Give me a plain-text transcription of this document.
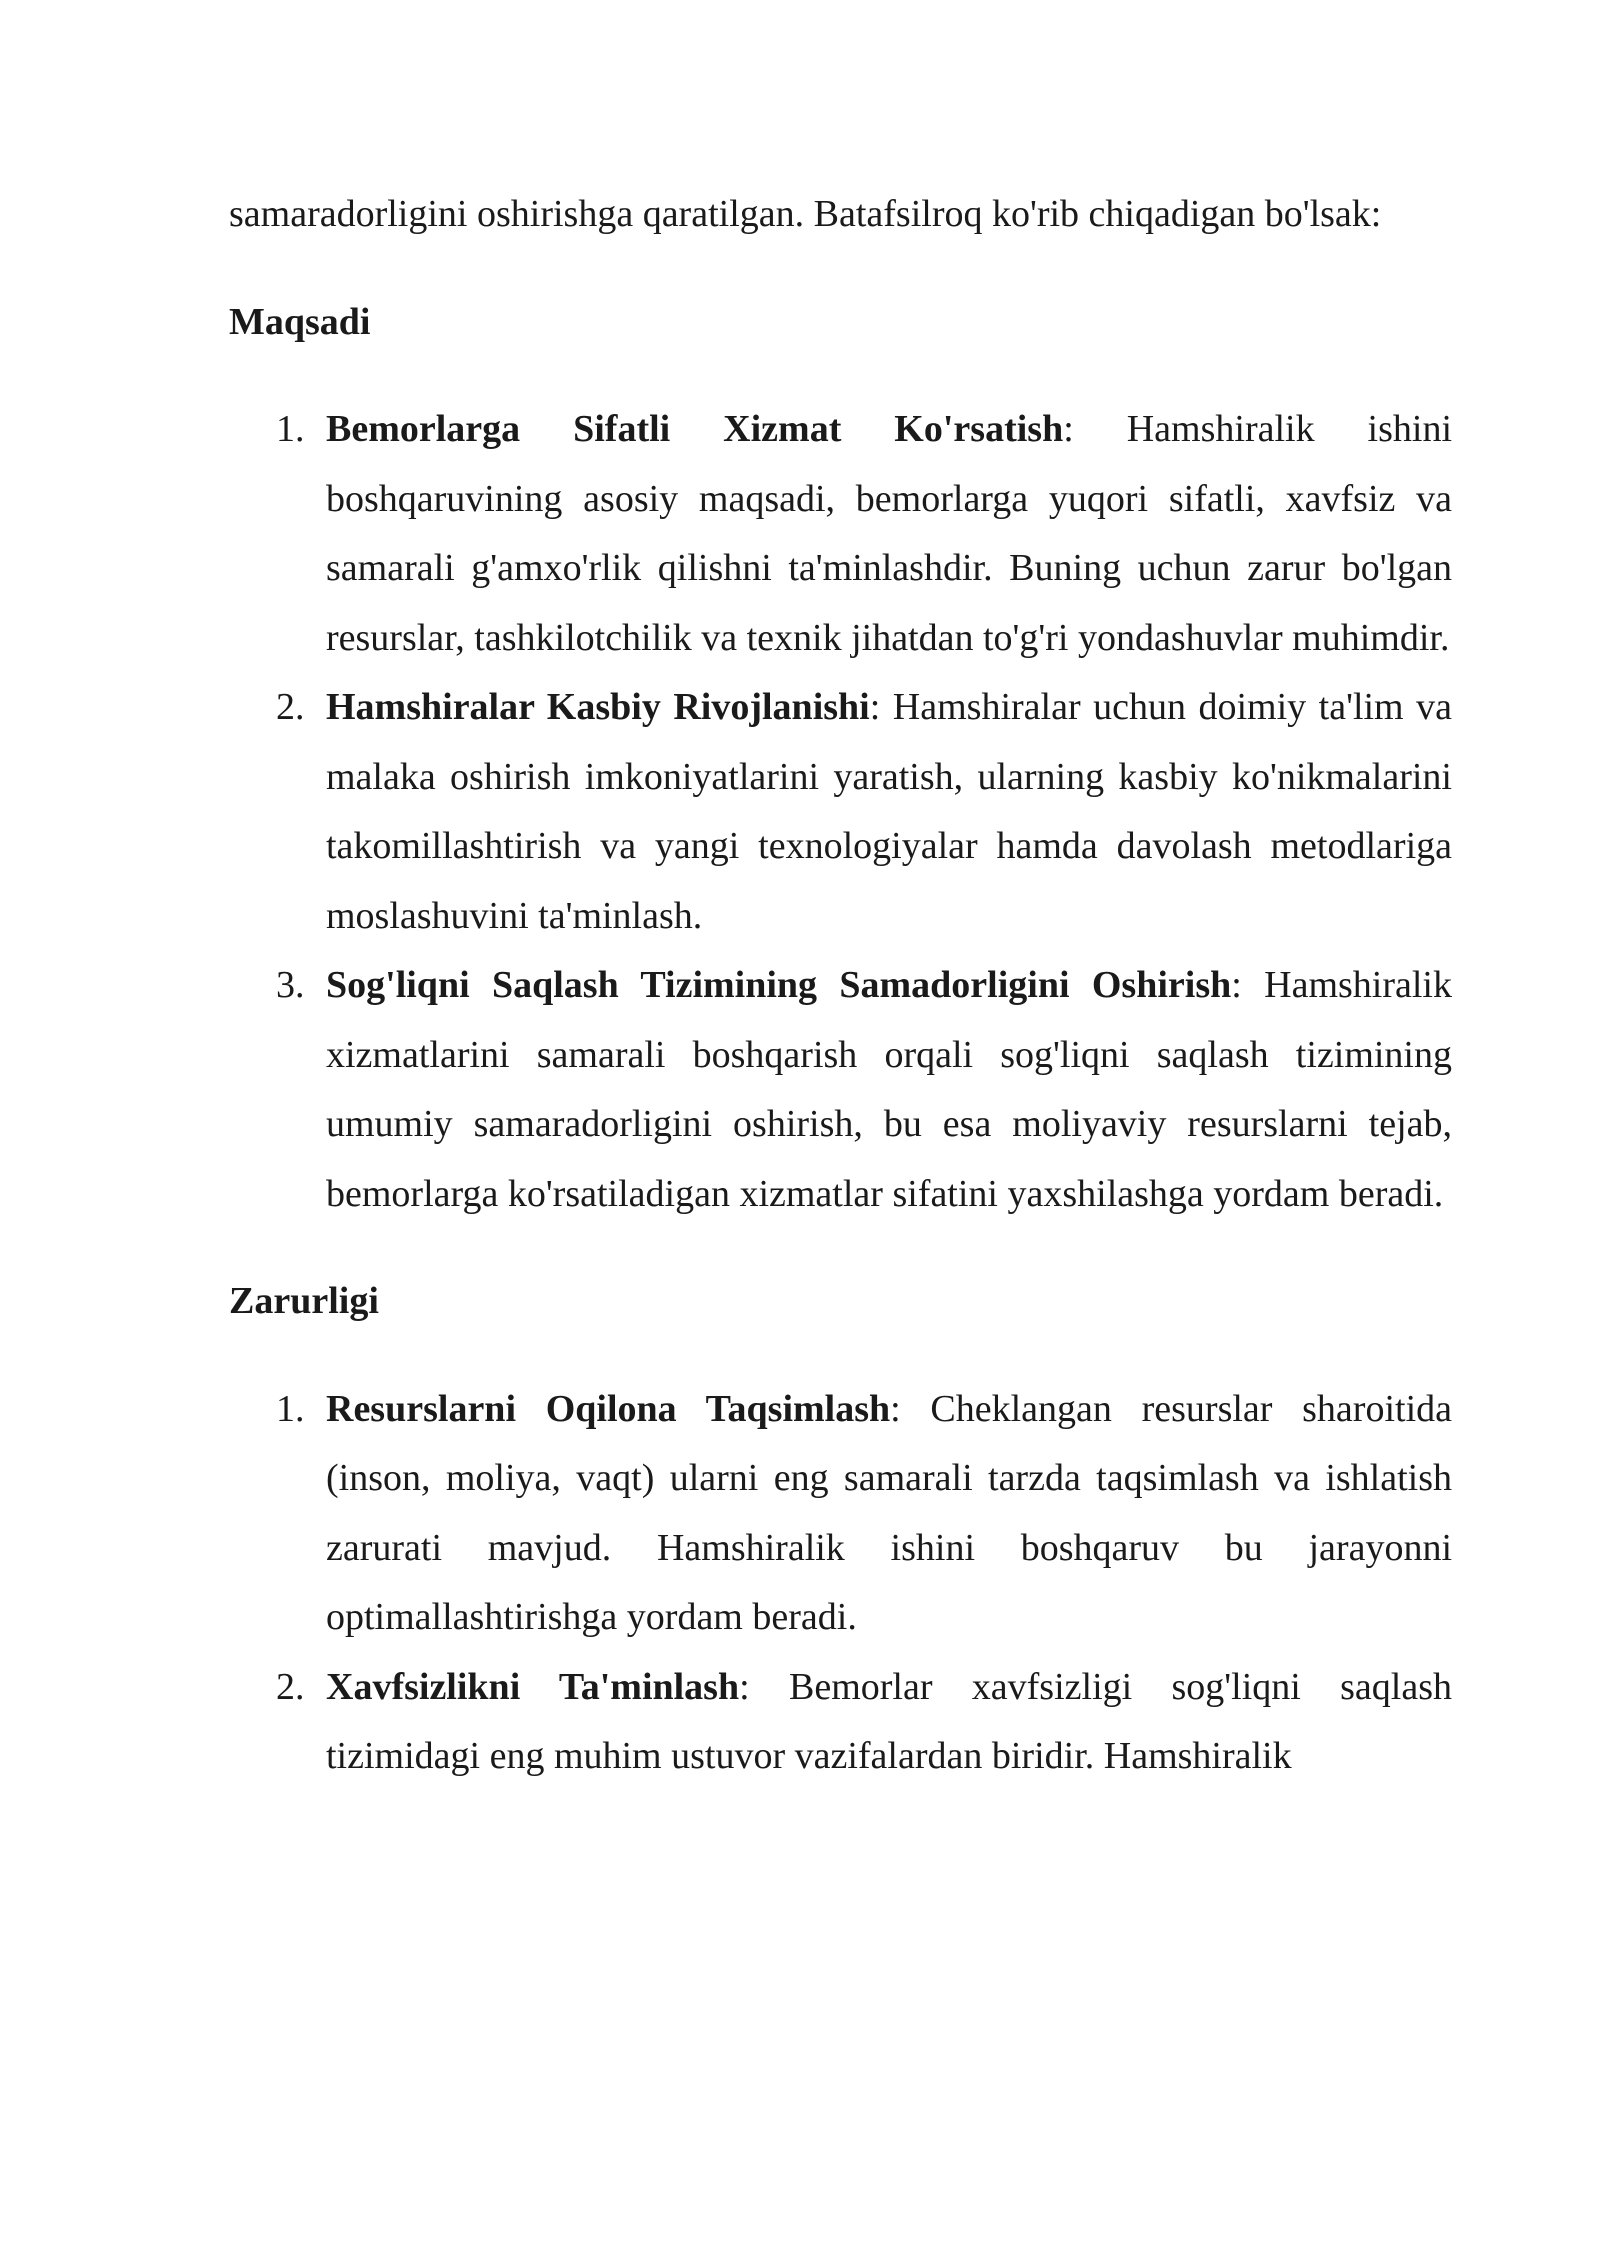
samaradorligini oshirishga qaratilgan. Batafsilroq ko'rib chiqadigan bo'lsak:

Maqsadi
1. Bemorlarga Sifatli Xizmat Ko'rsatish: Hamshiralik ishini boshqaruvining asosiy maqsadi, bemorlarga yuqori sifatli, xavfsiz va samarali g'amxo'rlik qilishni ta'minlashdir. Buning uchun zarur bo'lgan resurslar, tashkilotchilik va texnik jihatdan to'g'ri yondashuvlar muhimdir.
2. Hamshiralar Kasbiy Rivojlanishi: Hamshiralar uchun doimiy ta'lim va malaka oshirish imkoniyatlarini yaratish, ularning kasbiy ko'nikmalarini takomillashtirish va yangi texnologiyalar hamda davolash metodlariga moslashuvini ta'minlash.
3. Sog'liqni Saqlash Tizimining Samadorligini Oshirish: Hamshiralik xizmatlarini samarali boshqarish orqali sog'liqni saqlash tizimining umumiy samaradorligini oshirish, bu esa moliyaviy resurslarni tejab, bemorlarga ko'rsatiladigan xizmatlar sifatini yaxshilashga yordam beradi.
Zarurligi
1. Resurslarni Oqilona Taqsimlash: Cheklangan resurslar sharoitida (inson, moliya, vaqt) ularni eng samarali tarzda taqsimlash va ishlatish zarurati mavjud. Hamshiralik ishini boshqaruv bu jarayonni optimallashtirishga yordam beradi.
2. Xavfsizlikni Ta'minlash: Bemorlar xavfsizligi sog'liqni saqlash tizimidagi eng muhim ustuvor vazifalardan biridir. Hamshiralik
